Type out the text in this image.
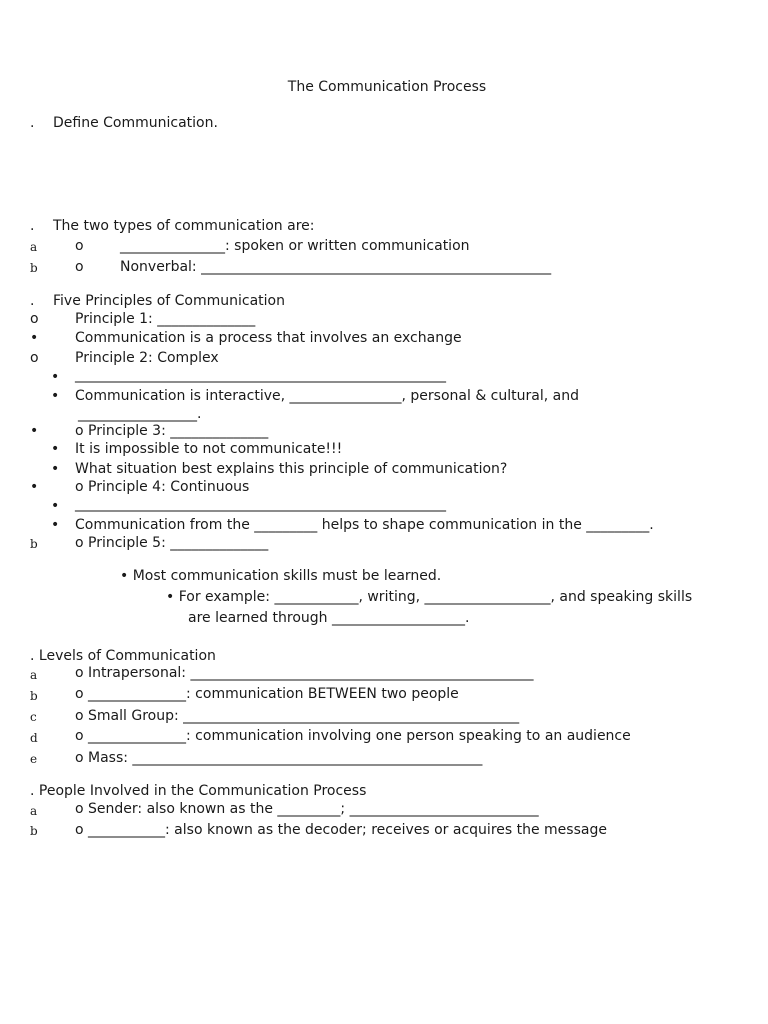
The Communication Process
. Define Communication.
. The two types of communication are:
a	o	_______________: spoken or written communication
b	o	Nonverbal: __________________________________________________
. Five Principles of Communication
o	Principle 1: ______________
•	Communication is a process that involves an exchange
o	Principle 2: Complex
• _____________________________________________________
• Communication is interactive, ________________, personal & cultural, and
_________________.
•	o Principle 3: ______________
• It is impossible to not communicate!!!
• What situation best explains this principle of communication?
•	o Principle 4: Continuous
• _____________________________________________________
• Communication from the _________ helps to shape communication in the _________.
b	o Principle 5: ______________
• Most communication skills must be learned.
• For example: ____________, writing, __________________, and speaking skills
are learned through ___________________.
. Levels of Communication
a	o Intrapersonal: _________________________________________________
b	o ______________: communication BETWEEN two people
c	o Small Group: ________________________________________________
d	o ______________: communication involving one person speaking to an audience
e	o Mass: __________________________________________________
. People Involved in the Communication Process
a	o Sender: also known as the _________; ___________________________
b	o ___________: also known as the decoder; receives or acquires the message
